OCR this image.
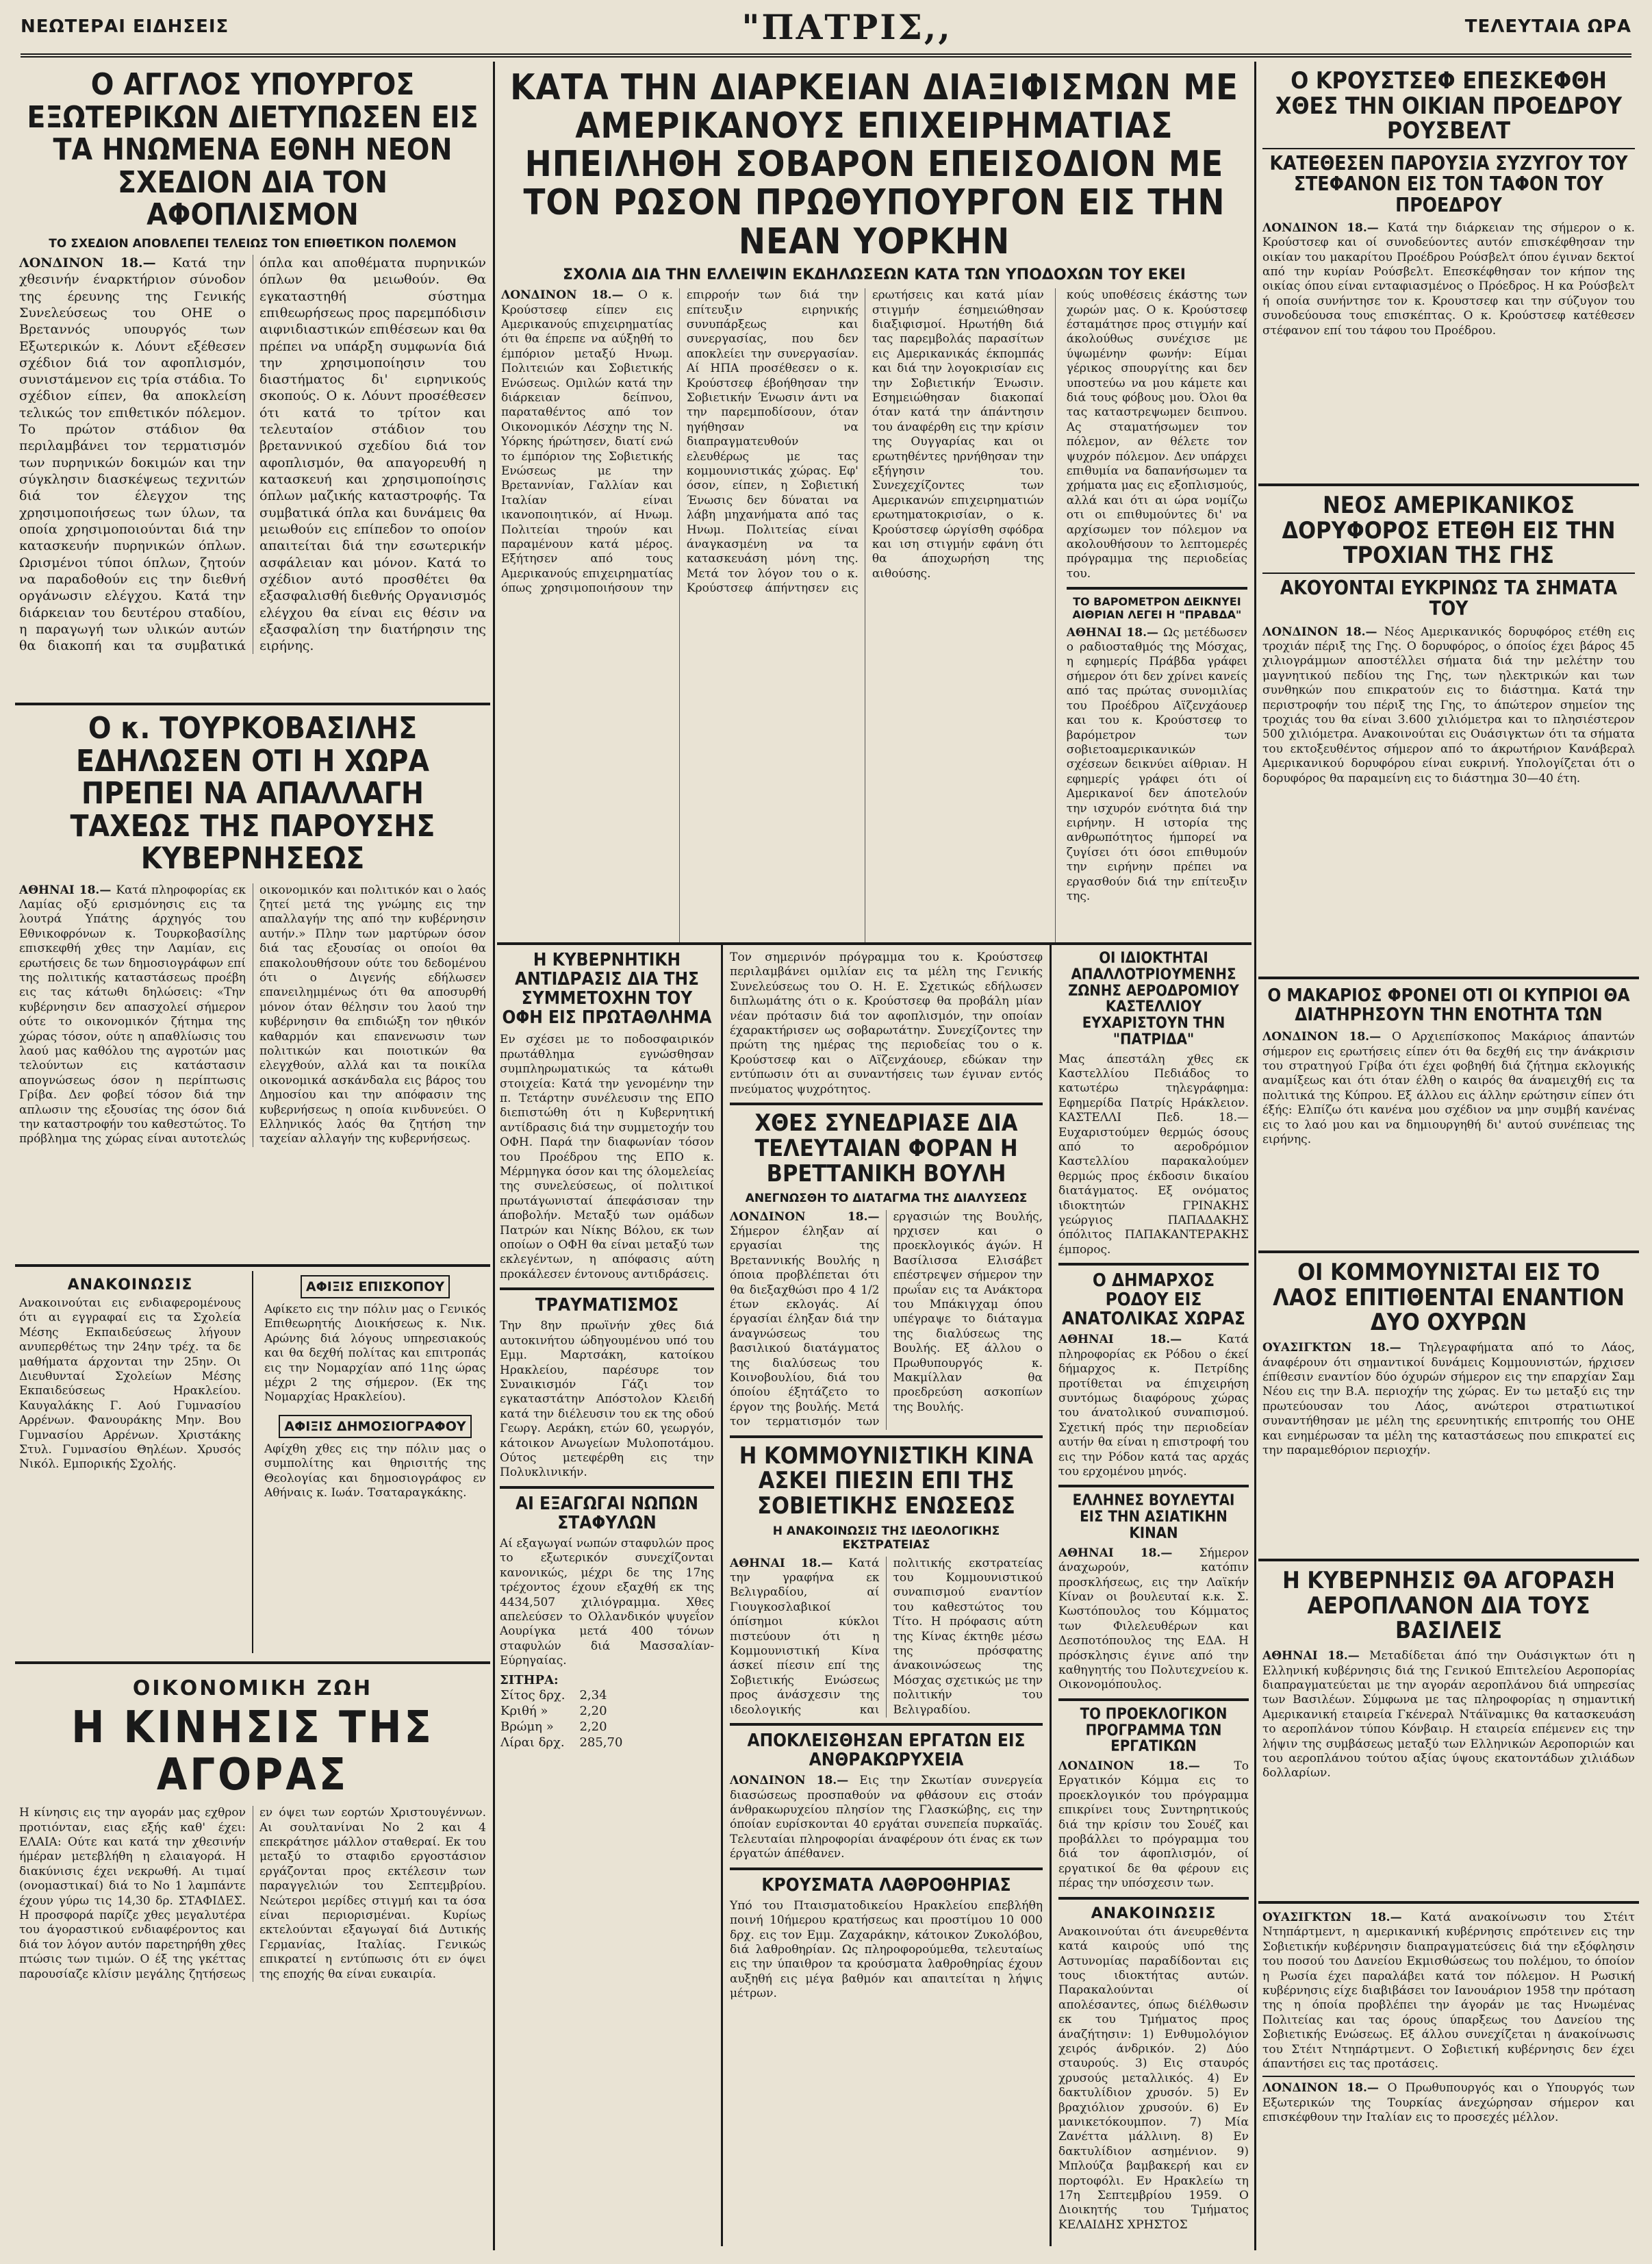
ΝΕΩΤΕΡΑΙ ΕΙΔΗΣΕΙΣ	"ΠΑΤΡΙΣ,,	ΤΕΛΕΥΤΑΙΑ ΩΡΑ
Ο ΑΓΓΛΟΣ ΥΠΟΥΡΓΟΣ ΕΞΩΤΕΡΙΚΩΝ ΔΙΕΤΥΠΩΣΕΝ ΕΙΣ ΤΑ ΗΝΩΜΕΝΑ ΕΘΝΗ ΝΕΟΝ ΣΧΕΔΙΟΝ ΔΙΑ ΤΟΝ ΑΦΟΠΛΙΣΜΟΝ
ΤΟ ΣΧΕΔΙΟΝ ΑΠΟΒΛΕΠΕΙ ΤΕΛΕΙΩΣ ΤΟΝ ΕΠΙΘΕΤΙΚΟΝ ΠΟΛΕΜΟΝ
ΛΟΝΔΙΝΟΝ 18.— Κατά την χθεσινήν έναρκτήριον σύνοδον της έρευνης της Γενικής Συνελεύσεως του ΟΗΕ ο Βρεταννός υπουργός των Εξωτερικών κ. Λόυντ εξέθεσεν σχέδιον διά τον αφοπλισμόν, συνιστάμενον εις τρία στάδια. Το σχέδιον είπεν, θα αποκλείση τελικώς τον επιθετικόν πόλεμον. Το πρώτον στάδιον θα περιλαμβάνει τον τερματισμόν των πυρηνικών δοκιμών και την σύγκλησιν διασκέψεως τεχνιτών διά τον έλεγχον της χρησιμοποιήσεως των ύλων, τα οποία χρησιμοποιούνται διά την κατασκευήν πυρηνικών όπλων. Ωρισμένοι τύποι όπλων, ζητούν να παραδοθούν εις την διεθνή οργάνωσιν ελέγχου. Κατά την διάρκειαν του δευτέρου σταδίου, η παραγωγή των υλικών αυτών θα διακοπή και τα συμβατικά όπλα και αποθέματα πυρηνικών όπλων θα μειωθούν. Θα εγκαταστηθή σύστημα επιθεωρήσεως προς παρεμπόδισιν αιφνιδιαστικών επιθέσεων και θα πρέπει να υπάρξη συμφωνία διά την χρησιμοποίησιν του διαστήματος δι' ειρηνικούς σκοπούς. Ο κ. Λόυντ προσέθεσεν ότι κατά το τρίτον και τελευταίον στάδιον του βρεταννικού σχεδίου διά τον αφοπλισμόν, θα απαγορευθή η κατασκευή και χρησιμοποίησις όπλων μαζικής καταστροφής. Τα συμβατικά όπλα και δυνάμεις θα μειωθούν εις επίπεδον το οποίον απαιτείται διά την εσωτερικήν ασφάλειαν και μόνον. Κατά το σχέδιον αυτό προσθέτει θα εξασφαλισθή διεθνής Οργανισμός ελέγχου θα είναι εις θέσιν να εξασφαλίση την διατήρησιν της ειρήνης.
Ο κ. ΤΟΥΡΚΟΒΑΣΙΛΗΣ ΕΔΗΛΩΣΕΝ ΟΤΙ Η ΧΩΡΑ ΠΡΕΠΕΙ ΝΑ ΑΠΑΛΛΑΓΗ ΤΑΧΕΩΣ ΤΗΣ ΠΑΡΟΥΣΗΣ ΚΥΒΕΡΝΗΣΕΩΣ
ΑΘΗΝΑΙ 18.— Κατά πληροφορίας εκ Λαμίας οξύ ερισμόνησις εις τα λουτρά Υπάτης άρχηγός του Εθνικοφρόνων κ. Τουρκοβασίλης επισκεφθή χθες την Λαμίαν, εις ερωτήσεις δε των δημοσιογράφων επί της πολιτικής καταστάσεως προέβη εις τας κάτωθι δηλώσεις: «Την κυβέρνησιν δεν απασχολεί σήμερον ούτε το οικονομικόν ζήτημα της χώρας τόσον, ούτε η απαθλίωσις του λαού μας καθόλου της αγροτών μας τελούντων εις κατάστασιν απογνώσεως όσον η περίπτωσις Γρίβα. Δεν φοβεί τόσον διά την απλωσιν της εξουσίας της όσον διά την καταστροφήν του καθεστώτος. Το πρόβλημα της χώρας είναι αυτοτελώς οικονομικόν και πολιτικόν και ο λαός ζητεί μετά της γνώμης εις την απαλλαγήν της από την κυβέρνησιν αυτήν.» Πλην των μαρτύρων όσον διά τας εξουσίας οι οποίοι θα επακολουθήσουν ούτε του δεδομένου ότι ο Διγενής εδήλωσεν επανειλημμένως ότι θα αποσυρθή μόνον όταν θέλησιν του λαού την κυβέρνησιν θα επιδιώξη τον ηθικόν καθαρμόν και επανενωσιν των πολιτικών και ποιοτικών θα ελεγχθούν, αλλά και τα ποικίλα οικονομικά ασκάνδαλα εις βάρος του Δημοσίου και την απόφασιν της κυβερνήσεως η οποία κινδυνεύει. Ο Ελληνικός λαός θα ζητήση την ταχείαν αλλαγήν της κυβερνήσεως.
ΑΝΑΚΟΙΝΩΣΙΣ

Ανακοινούται εις ενδιαφερομένους ότι αι εγγραφαί εις τα Σχολεία Μέσης Εκπαιδεύσεως λήγουν ανυπερθέτως την 24ην τρέχ. τα δε μαθήματα άρχονται την 25ην. Οι Διευθυνταί Σχολείων Μέσης Εκπαιδεύσεως Ηρακλείου. Καυγαλάκης Γ. Αού Γυμνασίου Αρρένων. Φανουράκης Μην. Βου Γυμνασίου Αρρένων. Χριστάκης Στυλ. Γυμνασίου Θηλέων. Χρυσός Νικόλ. Εμπορικής Σχολής.

ΑΦΙΞΙΣ ΕΠΙΣΚΟΠΟΥ

Αφίκετο εις την πόλιν μας ο Γενικός Επιθεωρητής Διοικήσεως κ. Νικ. Αρώνης διά λόγους υπηρεσιακούς και θα δεχθή πολίτας και επιτροπάς εις την Νομαρχίαν από 11ης ώρας μέχρι 2 της σήμερον. (Εκ της Νομαρχίας Ηρακλείου).

ΑΦΙΞΙΣ ΔΗΜΟΣΙΟΓΡΑΦΟΥ

Αφίχθη χθες εις την πόλιν μας ο συμπολίτης και θηρισιτής της Θεολογίας και δημοσιογράφος εν Αθήναις κ. Ιωάν. Τσαταραγκάκης.

ΟΙΚΟΝΟΜΙΚΗ ΖΩΗ
Η ΚΙΝΗΣΙΣ ΤΗΣ ΑΓΟΡΑΣ
Η κίνησις εις την αγοράν μας εχθρον προτιόνταν, ειας εξής καθ' έχει: ΕΛΑΙΑ: Ούτε και κατά την χθεσινήν ήμέραν μετεβλήθη η ελαιαγορά. Η διακύνισις έχει νεκρωθή. Αι τιμαί (ονομαστικαί) διά το Νο 1 λαμπάντε έχουν γύρω τις 14,30 δρ. ΣΤΑΦΙΔΕΣ. Η προσφορά παρίζε χθες μεγαλυτέρα του άγοραστικού ενδιαφέροντος και διά τον λόγον αυτόν παρετηρήθη χθες πτώσις των τιμών. Ο έξ της γκέττας παρουσίαζε κλίσιν μεγάλης ζητήσεως εν όψει των εορτών Χριστουγέννων. Αι σουλτανίναι No 2 και 4 επεκράτησε μάλλον σταθεραί. Εκ του μεταξύ το σταφιδο εργοστάσιον εργάζονται προς εκτέλεσιν των παραγγελιών του Σεπτεμβρίου. Νεώτεροι μερίδες στιγμή και τα όσα είναι περιορισμέναι. Κυρίως εκτελούνται εξαγωγαί διά Δυτικής Γερμανίας, Ιταλίας. Γενικώς επικρατεί η εντύπωσις ότι εν όψει της εποχής θα είναι ευκαιρία.
ΚΑΤΑ ΤΗΝ ΔΙΑΡΚΕΙΑΝ ΔΙΑΞΙΦΙΣΜΩΝ ΜΕ ΑΜΕΡΙΚΑΝΟΥΣ ΕΠΙΧΕΙΡΗΜΑΤΙΑΣ ΗΠΕΙΛΗΘΗ ΣΟΒΑΡΟΝ ΕΠΕΙΣΟΔΙΟΝ ΜΕ ΤΟΝ ΡΩΣΟΝ ΠΡΩΘΥΠΟΥΡΓΟΝ ΕΙΣ ΤΗΝ ΝΕΑΝ ΥΟΡΚΗΝ
ΣΧΟΛΙΑ ΔΙΑ ΤΗΝ ΕΛΛΕΙΨΙΝ ΕΚΔΗΛΩΣΕΩΝ ΚΑΤΑ ΤΩΝ ΥΠΟΔΟΧΩΝ ΤΟΥ ΕΚΕΙ
ΛΟΝΔΙΝΟΝ 18.— Ο κ. Κρούστσεφ είπεν εις Αμερικανούς επιχειρηματίας ότι θα έπρεπε να αύξηθή το έμπόριον μεταξύ Ηνωμ. Πολιτειών και Σοβιετικής Ενώσεως. Ομιλών κατά την διάρκειαν δείπνου, παραταθέντος από τον Οικονομικόν Λέσχην της Ν. Υόρκης ήρώτησεν, διατί ενώ το έμπόριον της Σοβιετικής Ενώσεως με την Βρεταννίαν, Γαλλίαν και Ιταλίαν είναι ικανοποιητικόν, αί Ηνωμ. Πολιτείαι τηρούν και παραμένουν κατά μέρος. Εξήτησεν από τους Αμερικανούς επιχειρηματίας όπως χρησιμοποιήσουν την επιρροήν των διά την επίτευξιν ειρηνικής συνυπάρξεως και συνεργασίας, που δεν αποκλείει την συνεργασίαν. Αί ΗΠΑ προσέθεσεν ο κ. Κρούστσεφ έβοήθησαν την Σοβιετικήν Ένωσιν άντι να την παρεμποδίσουν, όταν ηγήθησαν να διαπραγματευθούν ελευθέρως με τας κομμουνιστικάς χώρας. Εφ' όσον, είπεν, η Σοβιετική Ένωσις δεν δύναται να λάβη μηχανήματα από τας Ηνωμ. Πολιτείας είναι άναγκασμένη να τα κατασκευάση μόνη της. Μετά τον λόγον του ο κ. Κρούστσεφ άπήντησεν εις ερωτήσεις και κατά μίαν στιγμήν έσημειώθησαν διαξιφισμοί. Ηρωτήθη διά τας παρεμβολάς παρασίτων εις Αμερικανικάς έκπομπάς και διά την λογοκρισίαν εις την Σοβιετικήν Ένωσιν. Εσημειώθησαν διακοπαί όταν κατά την άπάντησιν του άναφέρθη εις την κρίσιν της Ουγγαρίας και οι ερωτηθέντες ηρνήθησαν την εξήγησιν του. Συνεχεχίζοντες των Αμερικανών επιχειρηματιών ερωτηματοκρισίαν, ο κ. Κρούστσεφ ώργίσθη σφόδρα και ιση στιγμήν εφάνη ότι θα άποχωρήση της αιθούσης.
κούς υποθέσεις έκάστης των χωρών μας. Ο κ. Κρούστσεφ έσταμάτησε προς στιγμήν καί άκολούθως συνέχισε με ύψωμένην φωνήν: Είμαι γέρικος σπουργίτης και δεν υποστεύω να μου κάμετε και διά τους φόβους μου. Όλοι θα τας καταστρεψωμεν δειπνου. Ας σταματήσωμεν τον πόλεμον, αν θέλετε τον ψυχρόν πόλεμον. Δεν υπάρχει επιθυμία να δαπανήσωμεν τα χρήματα μας εις εξοπλισμούς, αλλά και ότι αι ώρα νομίζω οτι οι επιθυμούντες δι' να αρχίσωμεν τον πόλεμον να ακολουθήσουν το λεπτομερές πρόγραμμα της περιοδείας του.
ΤΟ ΒΑΡΟΜΕΤΡΟΝ ΔΕΙΚΝΥΕΙ ΑΙΘΡΙΑΝ ΛΕΓΕΙ Η "ΠΡΑΒΔΑ"
ΑΘΗΝΑΙ 18.— Ως μετέδωσεν ο ραδιοσταθμός της Μόσχας, η εφημερίς Πράβδα γράφει σήμερον ότι δεν χρίνει κανείς από τας πρώτας συνομιλίας του Προέδρου Αϊζενχάουερ και του κ. Κρούστσεφ το βαρόμετρον των σοβιετοαμερικανικών σχέσεων δεικνύει αίθριαν. Η εφημερίς γράφει ότι οί Αμερικανοί δεν άποτελούν την ισχυρόν ενότητα διά την ειρήνην. Η ιστορία της ανθρωπότητος ήμπορεί να ζυγίσει ότι όσοι επιθυμούν την ειρήνην πρέπει να εργασθούν διά την επίτευξιν της.
Η ΚΥΒΕΡΝΗΤΙΚΗ ΑΝΤΙΔΡΑΣΙΣ ΔΙΑ ΤΗΣ ΣΥΜΜΕΤΟΧΗΝ ΤΟΥ ΟΦΗ ΕΙΣ ΠΡΩΤΑΘΛΗΜΑ

Εν σχέσει με το ποδοσφαιρικόν πρωτάθλημα εγνώσθησαν συμπληρωματικώς τα κάτωθι στοιχεία: Κατά την γενομένην την π. Τετάρτην συνέλευσιν της ΕΠΟ διεπιστώθη ότι η Κυβερνητική αντίδρασις διά την συμμετοχήν του ΟΦΗ. Παρά την διαφωνίαν τόσον του Προέδρου της ΕΠΟ κ. Μέρμηγκα όσον και της όλομελείας της συνελεύσεως, οί πολιτικοί πρωτάγωνισταί άπεφάσισαν την άποβολήν. Μεταξύ των ομάδων Πατρών και Νίκης Βόλου, εκ των οποίων ο ΟΦΗ θα είναι μεταξύ των εκλεγέντων, η απόφασις αύτη προκάλεσεν έντονους αντιδράσεις.

ΤΡΑΥΜΑΤΙΣΜΟΣ

Την 8ην πρωϊνήν χθες διά αυτοκινήτου ώδηγουμένου υπό του Εμμ. Μαρτσάκη, κατοίκου Ηρακλείου, παρέσυρε τον Συναικισμόν Γάζι τον εγκαταστάτην Απόστολον Κλειδή κατά την διέλευσιν του εκ της οδού Γεωργ. Αεράκη, ετών 60, γεωργόν, κάτοικον Ανωγείων Μυλοποτάμου. Ούτος μετεφέρθη εις την Πολυκλινικήν.

ΑΙ ΕΞΑΓΩΓΑΙ ΝΩΠΩΝ ΣΤΑΦΥΛΩΝ

Αί εξαγωγαί νωπών σταφυλών προς το εξωτερικόν συνεχίζονται κανονικώς, μέχρι δε της 17ης τρέχοντος έχουν εξαχθή εκ της 4434,507 χιλιόγραμμα. Χθες απελεύσεν το Ολλανδικόν ψυγεΐον Αουρίγκα μετά 400 τόνων σταφυλών διά Μασσαλίαν-Εύρηγαίας.

ΣΙΤΗΡΑ:
Σίτος δρχ.	2,34
Κριθή »	2,20
Βρώμη »	2,20
Λίραι δρχ.	285,70

Τον σημερινόν πρόγραμμα του κ. Κρούστσεφ περιλαμβάνει ομιλίαν εις τα μέλη της Γενικής Συνελεύσεως του Ο. Η. Ε. Σχετικώς εδήλωσεν διπλωμάτης ότι ο κ. Κρούστσεφ θα προβάλη μίαν νέαν πρότασιν διά τον αφοπλισμόν, την οποίαν έχαρακτήρισεν ως σοβαρωτάτην. Συνεχίζοντες την πρώτη της ημέρας της περιοδείας του ο κ. Κρούστσεφ και ο Αϊζενχάουερ, εδώκαν την εντύπωσιν ότι αι συναντήσεις των έγιναν εντός πνεύματος ψυχρότητος.

ΧΘΕΣ ΣΥΝΕΔΡΙΑΣΕ ΔΙΑ ΤΕΛΕΥΤΑΙΑΝ ΦΟΡΑΝ Η ΒΡΕΤΤΑΝΙΚΗ ΒΟΥΛΗ
ΑΝΕΓΝΩΣΘΗ ΤΟ ΔΙΑΤΑΓΜΑ ΤΗΣ ΔΙΑΛΥΣΕΩΣ
ΛΟΝΔΙΝΟΝ 18.— Σήμερον έληξαν αί εργασίαι της Βρεταννικής Βουλής η όποια προβλέπεται ότι θα διεξαχθώσι προ 4 1/2 έτων εκλογάς. Αί έργασίαι έληξαν διά την άναγνώσεως του βασιλικού διατάγματος της διαλύσεως του Κοινοβουλίου, διά του όποίου έξητάζετο το έργον της βουλής. Μετά τον τερματισμόν των εργασιών της Βουλής, ηρχισεν και ο προεκλογικός άγών. Η Βασίλισσα Ελισάβετ επέστρεψεν σήμερον την πρωΐαν εις τα Ανάκτορα του Μπάκιγχαμ όπου υπέγραψε το διάταγμα της διαλύσεως της Βουλής. Εξ άλλου ο Πρωθυπουργός κ. Μακμίλλαν θα προεδρεύση ασκοπίων της Βουλής.
Η ΚΟΜΜΟΥΝΙΣΤΙΚΗ ΚΙΝΑ ΑΣΚΕΙ ΠΙΕΣΙΝ ΕΠΙ ΤΗΣ ΣΟΒΙΕΤΙΚΗΣ ΕΝΩΣΕΩΣ
Η ΑΝΑΚΟΙΝΩΣΙΣ ΤΗΣ ΙΔΕΟΛΟΓΙΚΗΣ ΕΚΣΤΡΑΤΕΙΑΣ
ΑΘΗΝΑΙ 18.— Κατά την γραφήνα εκ Βελιγραδίου, αί Γιουγκοσλαβικοί όπίσημοι κύκλοι πιστεύουν ότι η Κομμουνιστική Κίνα άσκεί πίεσιν επί της Σοβιετικής Ενώσεως προς άνάσχεσιν της ιδεολογικής και πολιτικής εκστρατείας του Κομμουνιστικού συναπισμού εναντίον του καθεστώτος του Τίτο. Η πρόφασις αύτη της Κίνας έκτηθε μέσω της πρόσφατης άνακοινώσεως της Μόσχας σχετικώς με την πολιτικήν του Βελιγραδίου.
ΑΠΟΚΛΕΙΣΘΗΣΑΝ ΕΡΓΑΤΩΝ ΕΙΣ ΑΝΘΡΑΚΩΡΥΧΕΙΑ

ΛΟΝΔΙΝΟΝ 18.— Εις την Σκωτίαν συνεργεία διασώσεως προσπαθούν να φθάσουν εις στοάν άνθρακωρυχείου πλησίον της Γλασκώβης, εις την όποίαν ευρίσκονται 40 εργάται συνεπεία πυρκαϊάς. Τελευταίαι πληροφορίαι άναφέρουν ότι ένας εκ των έργατών άπέθανεν.

ΚΡΟΥΣΜΑΤΑ ΛΑΘΡΟΘΗΡΙΑΣ

Υπό του Πταισματοδικείου Ηρακλείου επεβλήθη ποινή 10ήμερου κρατήσεως και προστίμου 10 000 δρχ. εις τον Εμμ. Ζαχαράκην, κάτοικον Ζυκολόβου, διά λαθροθηρίαν. Ως πληροφορούμεθα, τελευταίως εις την ύπαιθρον τα κρούσματα λαθροθηρίας έχουν αυξηθή εις μέγα βαθμόν και απαιτείται η λήψις μέτρων.

ΟΙ ΙΔΙΟΚΤΗΤΑΙ ΑΠΑΛΛΟΤΡΙΟΥΜΕΝΗΣ ΖΩΝΗΣ ΑΕΡΟΔΡΟΜΙΟΥ ΚΑΣΤΕΛΛΙΟΥ ΕΥΧΑΡΙΣΤΟΥΝ ΤΗΝ "ΠΑΤΡΙΔΑ"

Μας άπεστάλη χθες εκ Καστελλίου Πεδιάδος το κατωτέρω τηλεγράφημα: Εφημερίδα Πατρίς Ηράκλειον. ΚΑΣΤΕΛΛΙ Πεδ. 18.— Ευχαριστούμεν θερμώς όσους από το αεροδρόμιον Καστελλίου παρακαλούμεν θερμώς προς έκδοσιν δικαίου διατάγματος. Εξ ονόματος ιδιοκτητών ΓΡΙΝΑΚΗΣ γεώργιος ΠΑΠΑΔΑΚΗΣ όπόλιτος ΠΑΠΑΚΑΝΤΕΡΑΚΗΣ έμπορος.

Ο ΔΗΜΑΡΧΟΣ ΡΟΔΟΥ ΕΙΣ ΑΝΑΤΟΛΙΚΑΣ ΧΩΡΑΣ

ΑΘΗΝΑΙ 18.— Κατά πληροφορίας εκ Ρόδου ο έκεί δήμαρχος κ. Πετρίδης προτίθεται να έπιχειρήση συντόμως διαφόρους χώρας του άνατολικού συναπισμού. Σχετική πρός την περιοδείαν αυτήν θα είναι η επιστροφή του εις την Ρόδον κατά τας αρχάς του ερχομένου μηνός.

ΕΛΛΗΝΕΣ ΒΟΥΛΕΥΤΑΙ ΕΙΣ ΤΗΝ ΑΣΙΑΤΙΚΗΝ ΚΙΝΑΝ

ΑΘΗΝΑΙ 18.— Σήμερον άναχωρούν, κατόπιν προσκλήσεως, εις την Λαϊκήν Κίναν οι βουλευταί κ.κ. Σ. Κωστόπουλος του Κόμματος των Φιλελευθέρων και Δεσποτόπουλος της ΕΔΑ. Η πρόσκλησις έγινε από την καθηγητής του Πολυτεχνείου κ. Οικονομόπουλος.

ΤΟ ΠΡΟΕΚΛΟΓΙΚΟΝ ΠΡΟΓΡΑΜΜΑ ΤΩΝ ΕΡΓΑΤΙΚΩΝ

ΛΟΝΔΙΝΟΝ 18.— Το Εργατικόν Κόμμα εις το προεκλογικόν του πρόγραμμα επικρίνει τους Συντηρητικούς διά την κρίσιν του Σουέζ και προβάλλει το πρόγραμμα του διά τον άφοπλισμόν, οί εργατικοί δε θα φέρουν εις πέρας την υπόσχεσιν των.

ΑΝΑΚΟΙΝΩΣΙΣ

Ανακοινούται ότι άνευρεθέντα κατά καιρούς υπό της Αστυνομίας παραδίδονται εις τους ιδιοκτήτας αυτών. Παρακαλούνται οί απολέσαντες, όπως διέλθωσιν εκ του Τμήματος προς άναζήτησιν: 1) Ενθυμολόγιον χειρός άνδρικόν. 2) Δύο σταυρούς. 3) Εις σταυρός χρυσούς μεταλλικός. 4) Εν δακτυλίδιον χρυσόν. 5) Εν βραχιόλιον χρυσούν. 6) Εν μανικετόκουμπον. 7) Μία Ζανέττα μάλλινη. 8) Εν δακτυλίδιον ασημένιον. 9) Μπλούζα βαμβακερή και εν πορτοφόλι. Εν Ηρακλείω τη 17η Σεπτεμβρίου 1959. Ο Διοικητής του Τμήματος ΚΕΛΑΙΔΗΣ ΧΡΗΣΤΟΣ

Ο ΚΡΟΥΣΤΣΕΦ ΕΠΕΣΚΕΦΘΗ ΧΘΕΣ ΤΗΝ ΟΙΚΙΑΝ ΠΡΟΕΔΡΟΥ ΡΟΥΣΒΕΛΤ
ΚΑΤΕΘΕΣΕΝ ΠΑΡΟΥΣΙΑ ΣΥΖΥΓΟΥ ΤΟΥ ΣΤΕΦΑΝΟΝ ΕΙΣ ΤΟΝ ΤΑΦΟΝ ΤΟΥ ΠΡΟΕΔΡΟΥ

ΛΟΝΔΙΝΟΝ 18.— Κατά την διάρκειαν της σήμερον ο κ. Κρούστσεφ και οί συνοδεύοντες αυτόν επισκέφθησαν την οικίαν του μακαρίτου Προέδρου Ρούσβελτ όπου έγιναν δεκτοί από την κυρίαν Ρούσβελτ. Επεσκέφθησαν τον κήπον της οικίας όπου είναι ενταφιασμένος ο Πρόεδρος. Η κα Ρούσβελτ ή οποία συνήντησε τον κ. Κρουστσεφ και την σύζυγον του συνοδεύουσα τους επισκέπτας. Ο κ. Κρούστσεφ κατέθεσεν στέφανον επί του τάφου του Προέδρου.

ΝΕΟΣ ΑΜΕΡΙΚΑΝΙΚΟΣ ΔΟΡΥΦΟΡΟΣ ΕΤΕΘΗ ΕΙΣ ΤΗΝ ΤΡΟΧΙΑΝ ΤΗΣ ΓΗΣ
ΑΚΟΥΟΝΤΑΙ ΕΥΚΡΙΝΩΣ ΤΑ ΣΗΜΑΤΑ ΤΟΥ

ΛΟΝΔΙΝΟΝ 18.— Νέος Αμερικανικός δορυφόρος ετέθη εις τροχιάν πέριξ της Γης. Ο δορυφόρος, ο όποίος έχει βάρος 45 χιλιογράμμων αποστέλλει σήματα διά την μελέτην του μαγνητικού πεδίου της Γης, των ηλεκτρικών και των συνθηκών που επικρατούν εις το διάστημα. Κατά την περιστροφήν του πέριξ της Γης, το άπώτερον σημείον της τροχιάς του θα είναι 3.600 χιλιόμετρα και το πλησιέστερον 500 χιλιόμετρα. Ανακοινούται εις Ουάσιγκτων ότι τα σήματα του εκτοξευθέντος σήμερον από το άκρωτήριον Κανάβεραλ Αμερικανικού δορυφόρου είναι ευκρινή. Υπολογίζεται ότι ο δορυφόρος θα παραμείνη εις το διάστημα 30—40 έτη.

Ο ΜΑΚΑΡΙΟΣ ΦΡΟΝΕΙ ΟΤΙ ΟΙ ΚΥΠΡΙΟΙ ΘΑ ΔΙΑΤΗΡΗΣΟΥΝ ΤΗΝ ΕΝΟΤΗΤΑ ΤΩΝ

ΛΟΝΔΙΝΟΝ 18.— Ο Αρχιεπίσκοπος Μακάριος άπαντών σήμερον εις ερωτήσεις είπεν ότι θα δεχθή εις την άνάκρισιν του στρατηγού Γρίβα ότι έχει φοβηθή διά ζήτημα εκλογικής αναμίξεως και ότι όταν έλθη ο καιρός θα άναμειχθή εις τα πολιτικά της Κύπρου. Εξ άλλου εις άλλην ερώτησιν είπεν ότι έξής: Ελπίζω ότι κανένα μου σχέδιον να μην συμβή κανένας εις το λαό μου και να δημιουργηθή δι' αυτού συνέπειας της ειρήνης.

ΟΙ ΚΟΜΜΟΥΝΙΣΤΑΙ ΕΙΣ ΤΟ ΛΑΟΣ ΕΠΙΤΙΘΕΝΤΑΙ ΕΝΑΝΤΙΟΝ ΔΥΟ ΟΧΥΡΩΝ

ΟΥΑΣΙΓΚΤΩΝ 18.— Τηλεγραφήματα από το Λάος, άναφέρουν ότι σημαντικοί δυνάμεις Κομμουνιστών, ήρχισεν έπίθεσιν εναντίον δύο όχυρών σήμερον εις την επαρχίαν Σαμ Νέου εις την Β.Α. περιοχήν της χώρας. Εν τω μεταξύ εις την πρωτεύουσαν του Λάος, ανώτεροι στρατιωτικοί συναντήθησαν με μέλη της ερευνητικής επιτροπής του ΟΗΕ και ενημέρωσαν τα μέλη της καταστάσεως που επικρατεί εις την παραμεθόριον περιοχήν.

Η ΚΥΒΕΡΝΗΣΙΣ ΘΑ ΑΓΟΡΑΣΗ ΑΕΡΟΠΛΑΝΟΝ ΔΙΑ ΤΟΥΣ ΒΑΣΙΛΕΙΣ

ΑΘΗΝΑΙ 18.— Μεταδίδεται άπό την Ουάσιγκτων ότι η Ελληνική κυβέρνησις διά της Γενικού Επιτελείου Αεροπορίας διαπραγματεύεται με την αγοράν αεροπλάνου διά υπηρεσίας των Βασιλέων. Σύμφωνα με τας πληροφορίας η σημαντική Αμερικανική εταιρεία Γκένεραλ Ντάϊναμικς θα κατασκευάση το αεροπλάνον τύπου Κόνβαιρ. Η εταιρεία επέμενεν εις την λήψιν της συμβάσεως μεταξύ των Ελληνικών Αεροποριών και του αεροπλάνου τούτου αξίας ύψους εκατοντάδων χιλιάδων δολλαρίων.

ΟΥΑΣΙΓΚΤΩΝ 18.— Κατά ανακοίνωσιν του Στέιτ Ντηπάρτμεντ, η αμερικανική κυβέρνησις επρότεινεν εις την Σοβιετικήν κυβέρνησιν διαπραγματεύσεις διά την εξόφλησιν του ποσού του Δανείου Εκμισθώσεως του πολέμου, το όποίον η Ρωσία έχει παραλάβει κατά τον πόλεμον. Η Ρωσική κυβέρνησις είχε διαβιβάσει τον Ιανουάριον 1958 την πρόταση της η όποία προβλέπει την άγοράν με τας Ηνωμένας Πολιτείας και τας όρους ύπαρξεως του Δανείου της Σοβιετικής Ενώσεως. Εξ άλλου συνεχίζεται η άνακοίνωσις του Στέιτ Ντηπάρτμεντ. Ο Σοβιετική κυβέρνησις δεν έχει άπαντήσει εις τας προτάσεις.

ΛΟΝΔΙΝΟΝ 18.— Ο Πρωθυπουργός και ο Υπουργός των Εξωτερικών της Τουρκίας άνεχώρησαν σήμερον και επισκέφθουν την Ιταλίαν εις το προσεχές μέλλον.
